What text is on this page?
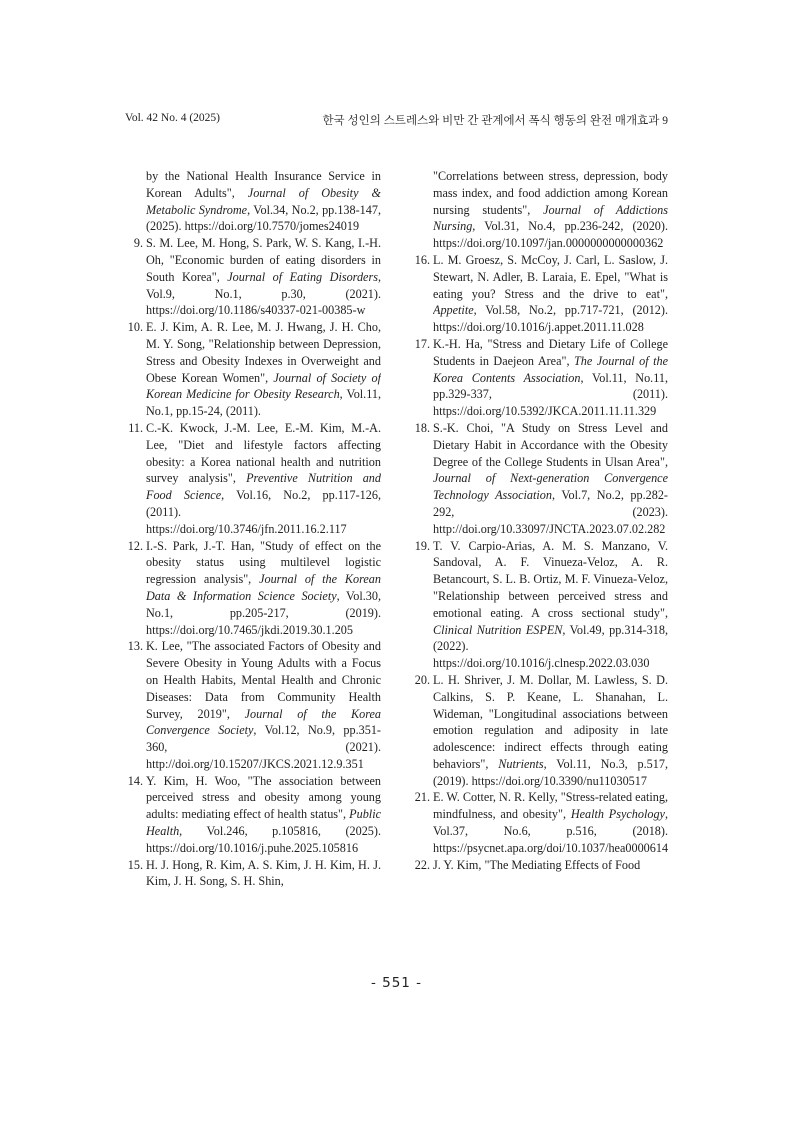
Vol. 42 No. 4 (2025)	한국 성인의 스트레스와 비만 간 관계에서 폭식 행동의 완전 매개효과 9
by the National Health Insurance Service in Korean Adults", Journal of Obesity & Metabolic Syndrome, Vol.34, No.2, pp.138-147, (2025). https://doi.org/10.7570/jomes24019
9. S. M. Lee, M. Hong, S. Park, W. S. Kang, I.-H. Oh, "Economic burden of eating disorders in South Korea", Journal of Eating Disorders, Vol.9, No.1, p.30, (2021). https://doi.org/10.1186/s40337-021-00385-w
10. E. J. Kim, A. R. Lee, M. J. Hwang, J. H. Cho, M. Y. Song, "Relationship between Depression, Stress and Obesity Indexes in Overweight and Obese Korean Women", Journal of Society of Korean Medicine for Obesity Research, Vol.11, No.1, pp.15-24, (2011).
11. C.-K. Kwock, J.-M. Lee, E.-M. Kim, M.-A. Lee, "Diet and lifestyle factors affecting obesity: a Korea national health and nutrition survey analysis", Preventive Nutrition and Food Science, Vol.16, No.2, pp.117-126, (2011). https://doi.org/10.3746/jfn.2011.16.2.117
12. I.-S. Park, J.-T. Han, "Study of effect on the obesity status using multilevel logistic regression analysis", Journal of the Korean Data & Information Science Society, Vol.30, No.1, pp.205-217, (2019). https://doi.org/10.7465/jkdi.2019.30.1.205
13. K. Lee, "The associated Factors of Obesity and Severe Obesity in Young Adults with a Focus on Health Habits, Mental Health and Chronic Diseases: Data from Community Health Survey, 2019", Journal of the Korea Convergence Society, Vol.12, No.9, pp.351-360, (2021). http://doi.org/10.15207/JKCS.2021.12.9.351
14. Y. Kim, H. Woo, "The association between perceived stress and obesity among young adults: mediating effect of health status", Public Health, Vol.246, p.105816, (2025). https://doi.org/10.1016/j.puhe.2025.105816
15. H. J. Hong, R. Kim, A. S. Kim, J. H. Kim, H. J. Kim, J. H. Song, S. H. Shin,
"Correlations between stress, depression, body mass index, and food addiction among Korean nursing students", Journal of Addictions Nursing, Vol.31, No.4, pp.236-242, (2020). https://doi.org/10.1097/jan.0000000000000362
16. L. M. Groesz, S. McCoy, J. Carl, L. Saslow, J. Stewart, N. Adler, B. Laraia, E. Epel, "What is eating you? Stress and the drive to eat", Appetite, Vol.58, No.2, pp.717-721, (2012). https://doi.org/10.1016/j.appet.2011.11.028
17. K.-H. Ha, "Stress and Dietary Life of College Students in Daejeon Area", The Journal of the Korea Contents Association, Vol.11, No.11, pp.329-337, (2011). https://doi.org/10.5392/JKCA.2011.11.11.329
18. S.-K. Choi, "A Study on Stress Level and Dietary Habit in Accordance with the Obesity Degree of the College Students in Ulsan Area", Journal of Next-generation Convergence Technology Association, Vol.7, No.2, pp.282-292, (2023). http://doi.org/10.33097/JNCTA.2023.07.02.282
19. T. V. Carpio-Arias, A. M. S. Manzano, V. Sandoval, A. F. Vinueza-Veloz, A. R. Betancourt, S. L. B. Ortiz, M. F. Vinueza-Veloz, "Relationship between perceived stress and emotional eating. A cross sectional study", Clinical Nutrition ESPEN, Vol.49, pp.314-318, (2022). https://doi.org/10.1016/j.clnesp.2022.03.030
20. L. H. Shriver, J. M. Dollar, M. Lawless, S. D. Calkins, S. P. Keane, L. Shanahan, L. Wideman, "Longitudinal associations between emotion regulation and adiposity in late adolescence: indirect effects through eating behaviors", Nutrients, Vol.11, No.3, p.517, (2019). https://doi.org/10.3390/nu11030517
21. E. W. Cotter, N. R. Kelly, "Stress-related eating, mindfulness, and obesity", Health Psychology, Vol.37, No.6, p.516, (2018). https://psycnet.apa.org/doi/10.1037/hea0000614
22. J. Y. Kim, "The Mediating Effects of Food
- 551 -
